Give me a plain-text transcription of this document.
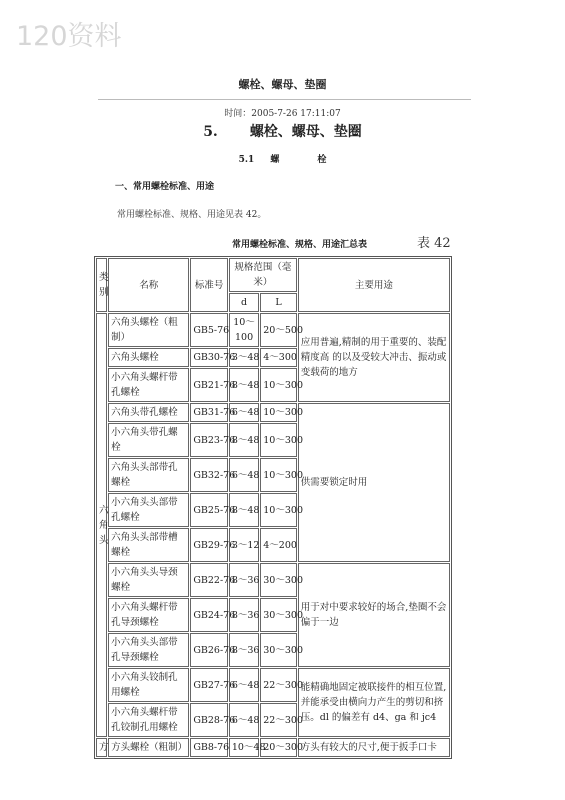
120资料
螺栓、螺母、垫圈
时间：2005-7-26 17:11:07
5. 螺栓、螺母、垫圈
5.1 螺	栓
一、常用螺栓标准、用途
常用螺栓标准、规格、用途见表 42。
常用螺栓标准、规格、用途汇总表	表 42
类别	名称	标准号	规格范围（毫米）		主要用途
			d	L	
六角头	六角头螺栓（粗制）	GB5-76	10～100	20～500	应用普遍,精制的用于重要的、装配精度高 的以及受较大冲击、振动或变载荷的地方
	六角头螺栓	GB30-76	3～48	4～300	
	小六角头螺杆带孔螺栓	GB21-76	8～48	10～300	
	六角头带孔螺栓	GB31-76	6～48	10～300	供需要锁定时用
	小六角头带孔螺栓	GB23-76	8～48	10～300	
	六角头头部带孔螺栓	GB32-76	6～48	10～300	
	小六角头头部带孔螺栓	GB25-76	8～48	10～300	
	六角头头部带槽螺栓	GB29-76	3～12	4～200	
	小六角头头导颈螺栓	GB22-76	8～36	30～300	用于对中要求较好的场合,垫圈不会偏于一边
	小六角头螺杆带孔导颈螺栓	GB24-76	8～36	30～300	
	小六角头头部带孔导颈螺栓	GB26-76	8～36	30～300	
	小六角头铰制孔用螺栓	GB27-76	6～48	22～300	能精确地固定被联接件的相互位置,并能承受由横向力产生的剪切和挤压。dl 的偏差有 d4、ga 和 jc4
	小六角头螺杆带孔铰制孔用螺栓	GB28-76	6～48	22～300	
方	方头螺栓（粗制）	GB8-76	10～48	20～300	方头有较大的尺寸,便于扳手口卡
